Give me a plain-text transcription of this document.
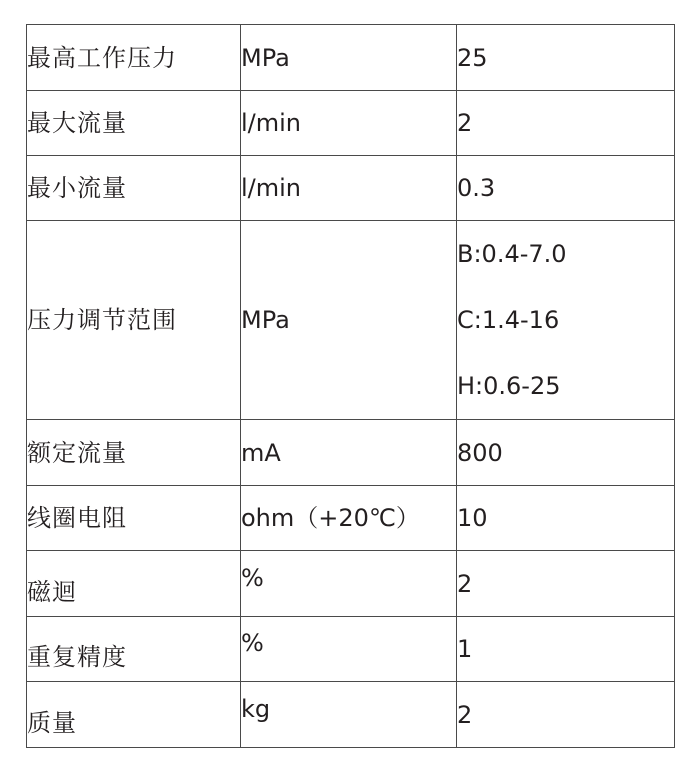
最高工作压力	MPa	25
最大流量	l/min	2
最小流量	l/min	0.3
压力调节范围	MPa	B:0.4-7.0
C:1.4-16
H:0.6-25

额定流量	mA	800
线圈电阻	ohm（+20℃）	10
磁迴	%	2
重复精度	%	1
质量	kg	2
